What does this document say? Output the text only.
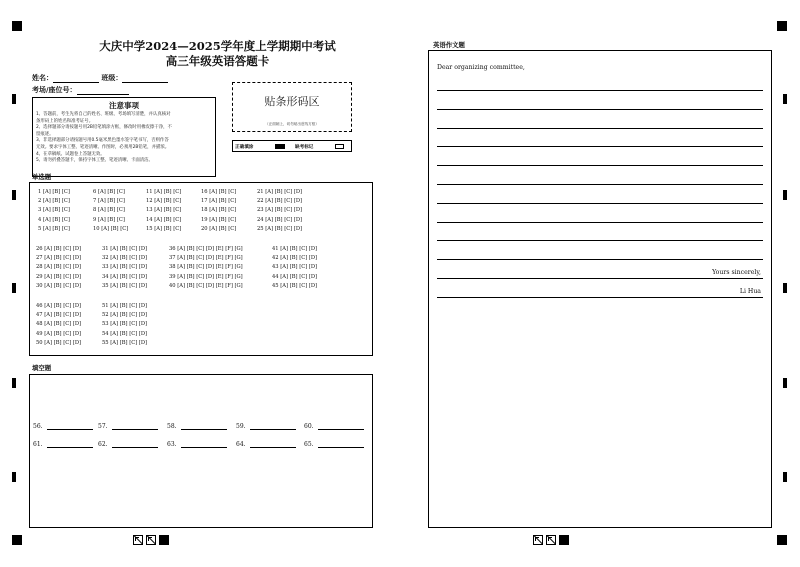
大庆中学2024—2025学年度上学期期中考试
高三年级英语答题卡
姓名：	班级：
考场/座位号：
注意事项
1、答题前，考生先将自己的姓名、班级、考场填写清楚，并认真核对
条形码上的姓名和准考证号。
2、选择题部分请按题号用2B铅笔填涂方框，修改时用橡皮擦干净，不
留痕迹。
3、非选择题部分请按题号用0.5毫米黑色墨水签字笔书写，否则作答
无效。要求字体工整、笔迹清晰。作图时，必须用2B铅笔，并描浓。
4、在草稿纸、试题卷上答题无效。
5、请勿折叠答题卡，保持字体工整、笔迹清晰、卡面清洁。
贴条形码区
（正面朝上，切勿贴出虚线方框）
正确填涂	缺考标记
单选题
1 [A] [B] [C]	6 [A] [B] [C]	11 [A] [B] [C]	16 [A] [B] [C]	21 [A] [B] [C] [D]
2 [A] [B] [C]	7 [A] [B] [C]	12 [A] [B] [C]	17 [A] [B] [C]	22 [A] [B] [C] [D]
3 [A] [B] [C]	8 [A] [B] [C]	13 [A] [B] [C]	18 [A] [B] [C]	23 [A] [B] [C] [D]
4 [A] [B] [C]	9 [A] [B] [C]	14 [A] [B] [C]	19 [A] [B] [C]	24 [A] [B] [C] [D]
5 [A] [B] [C]	10 [A] [B] [C]	15 [A] [B] [C]	20 [A] [B] [C]	25 [A] [B] [C] [D]
26 [A] [B] [C] [D]	31 [A] [B] [C] [D]	36 [A] [B] [C] [D] [E] [F] [G]	41 [A] [B] [C] [D]
27 [A] [B] [C] [D]	32 [A] [B] [C] [D]	37 [A] [B] [C] [D] [E] [F] [G]	42 [A] [B] [C] [D]
28 [A] [B] [C] [D]	33 [A] [B] [C] [D]	38 [A] [B] [C] [D] [E] [F] [G]	43 [A] [B] [C] [D]
29 [A] [B] [C] [D]	34 [A] [B] [C] [D]	39 [A] [B] [C] [D] [E] [F] [G]	44 [A] [B] [C] [D]
30 [A] [B] [C] [D]	35 [A] [B] [C] [D]	40 [A] [B] [C] [D] [E] [F] [G]	45 [A] [B] [C] [D]
46 [A] [B] [C] [D]	51 [A] [B] [C] [D]
47 [A] [B] [C] [D]	52 [A] [B] [C] [D]
48 [A] [B] [C] [D]	53 [A] [B] [C] [D]
49 [A] [B] [C] [D]	54 [A] [B] [C] [D]
50 [A] [B] [C] [D]	55 [A] [B] [C] [D]
填空题
56.	57.	58.	59.	60.
61.	62.	63.	64.	65.
英语作文题
Dear organizing committee,
Yours sincerely,
Li Hua
